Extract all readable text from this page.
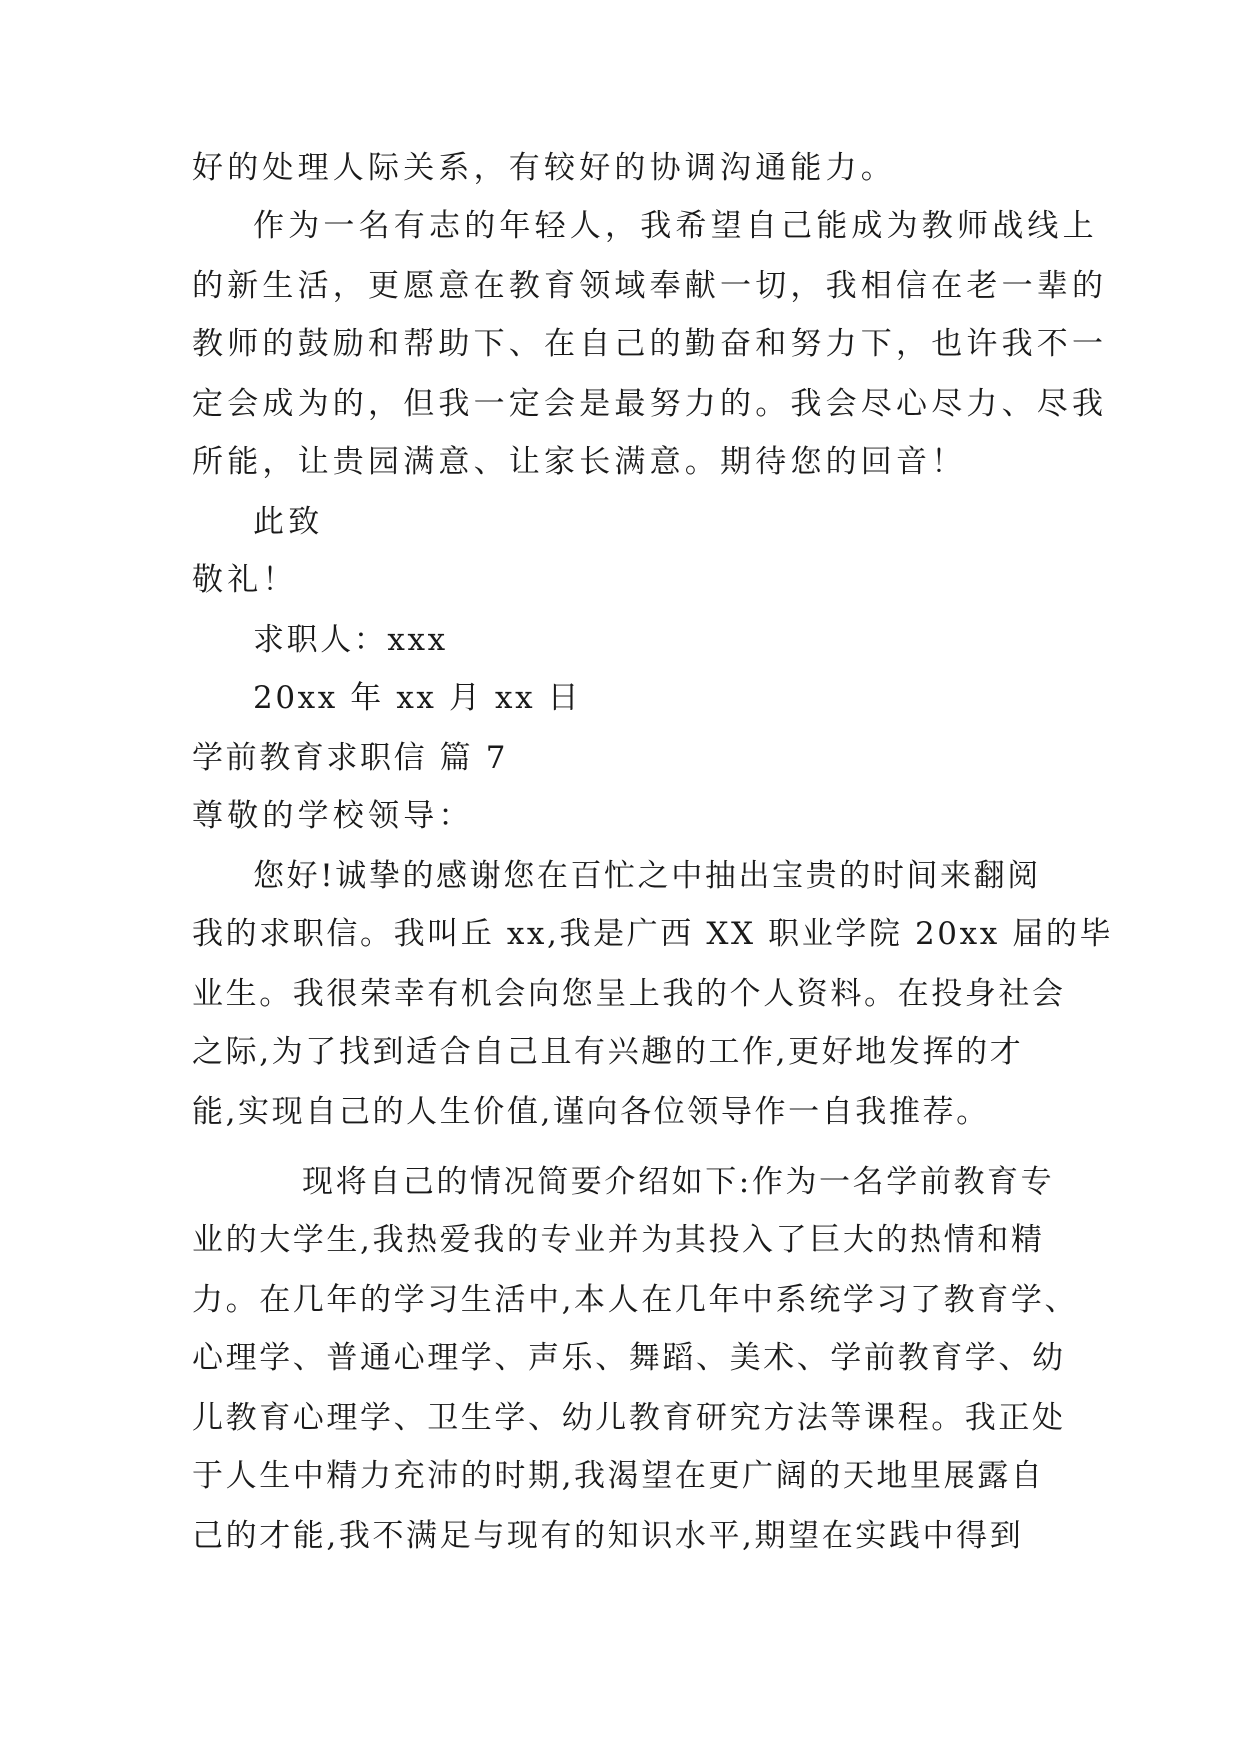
好的处理人际关系，有较好的协调沟通能力。
作为一名有志的年轻人，我希望自己能成为教师战线上
的新生活，更愿意在教育领域奉献一切，我相信在老一辈的
教师的鼓励和帮助下、在自己的勤奋和努力下，也许我不一
定会成为的，但我一定会是最努力的。我会尽心尽力、尽我
所能，让贵园满意、让家长满意。期待您的回音！
此致
敬礼！
求职人：xxx
20xx 年 xx 月 xx 日
学前教育求职信 篇 7
尊敬的学校领导：
您好!诚挚的感谢您在百忙之中抽出宝贵的时间来翻阅
我的求职信。我叫丘 xx,我是广西 XX 职业学院 20xx 届的毕
业生。我很荣幸有机会向您呈上我的个人资料。在投身社会
之际,为了找到适合自己且有兴趣的工作,更好地发挥的才
能,实现自己的人生价值,谨向各位领导作一自我推荐。
现将自己的情况简要介绍如下:作为一名学前教育专
业的大学生,我热爱我的专业并为其投入了巨大的热情和精
力。在几年的学习生活中,本人在几年中系统学习了教育学、
心理学、普通心理学、声乐、舞蹈、美术、学前教育学、幼
儿教育心理学、卫生学、幼儿教育研究方法等课程。我正处
于人生中精力充沛的时期,我渴望在更广阔的天地里展露自
己的才能,我不满足与现有的知识水平,期望在实践中得到
